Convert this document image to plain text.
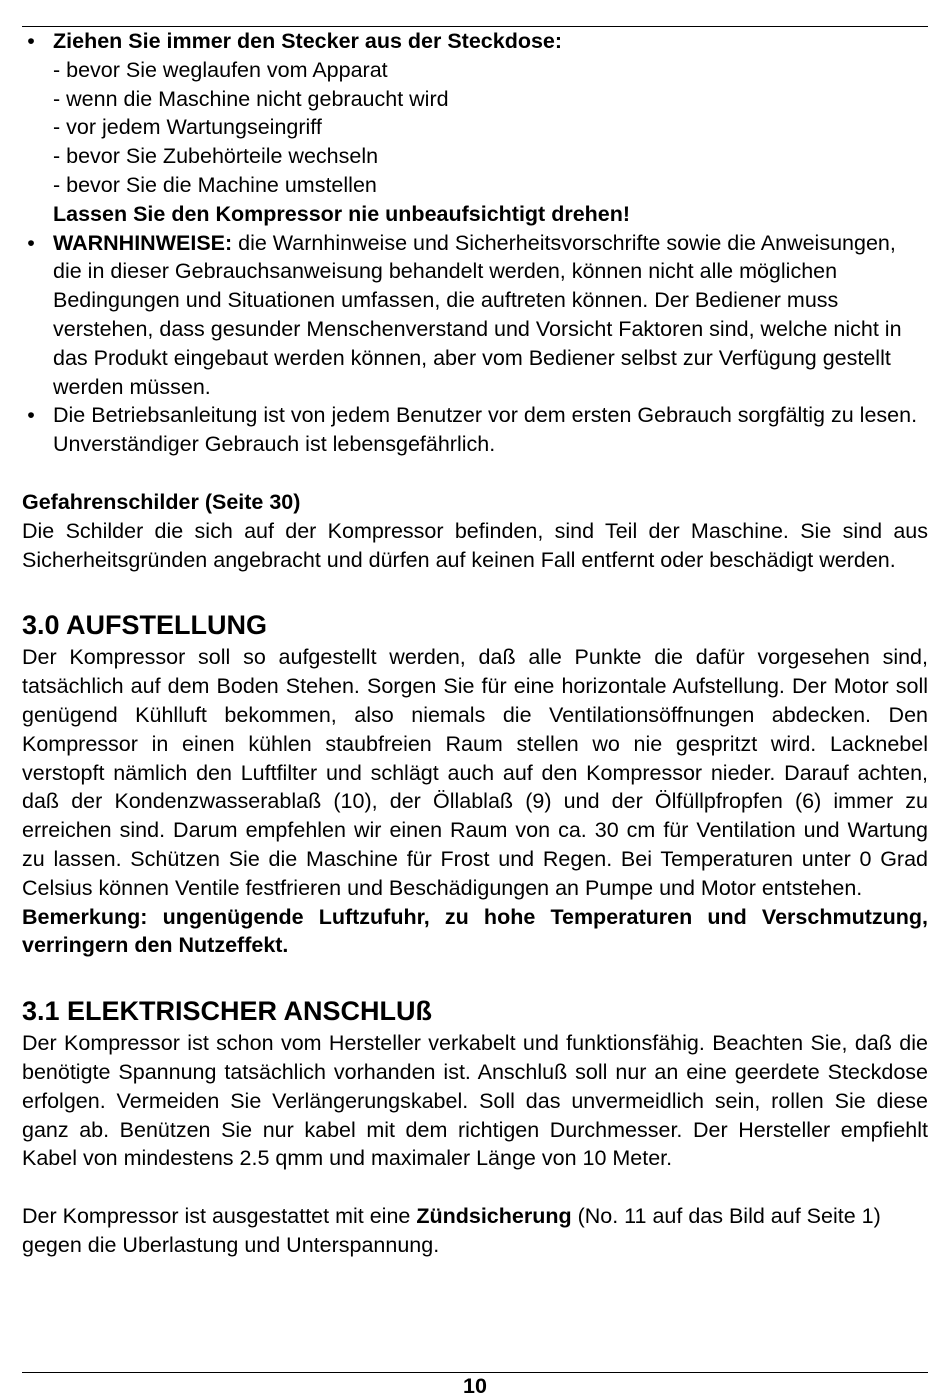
• Ziehen Sie immer den Stecker aus der Steckdose:
- bevor Sie weglaufen vom Apparat
- wenn die Maschine nicht gebraucht wird
- vor jedem Wartungseingriff
- bevor Sie Zubehörteile wechseln
- bevor Sie die Machine umstellen
Lassen Sie den Kompressor nie unbeaufsichtigt drehen!
• WARNHINWEISE: die Warnhinweise und Sicherheitsvorschrifte sowie die Anweisungen, die in dieser Gebrauchsanweisung behandelt werden, können nicht alle möglichen Bedingungen und Situationen umfassen, die auftreten können. Der Bediener muss verstehen, dass gesunder Menschenverstand und Vorsicht Faktoren sind, welche nicht in das Produkt eingebaut werden können, aber vom Bediener selbst zur Verfügung gestellt werden müssen.

• Die Betriebsanleitung ist von jedem Benutzer vor dem ersten Gebrauch sorgfältig zu lesen. Unverständiger Gebrauch ist lebensgefährlich.

Gefahrenschilder (Seite 30)

Die Schilder die sich auf der Kompressor befinden, sind Teil der Maschine. Sie sind aus Sicherheitsgründen angebracht und dürfen auf keinen Fall entfernt oder beschädigt werden.

3.0 AUFSTELLUNG

Der Kompressor soll so aufgestellt werden, daß alle Punkte die dafür vorgesehen sind, tatsächlich auf dem Boden Stehen. Sorgen Sie für eine horizontale Aufstellung. Der Motor soll genügend Kühlluft bekommen, also niemals die Ventilationsöffnungen abdecken. Den Kompressor in einen kühlen staubfreien Raum stellen wo nie gespritzt wird. Lacknebel verstopft nämlich den Luftfilter und schlägt auch auf den Kompressor nieder. Darauf achten, daß der Kondenzwasserablaß (10), der Öllablaß (9) und der Ölfüllpfropfen (6) immer zu erreichen sind. Darum empfehlen wir einen Raum von ca. 30 cm für Ventilation und Wartung zu lassen. Schützen Sie die Maschine für Frost und Regen. Bei Temperaturen unter 0 Grad Celsius können Ventile festfrieren und Beschädigungen an Pumpe und Motor entstehen.

Bemerkung: ungenügende Luftzufuhr, zu hohe Temperaturen und Verschmutzung, verringern den Nutzeffekt.

3.1 ELEKTRISCHER ANSCHLUß

Der Kompressor ist schon vom Hersteller verkabelt und funktionsfähig. Beachten Sie, daß die benötigte Spannung tatsächlich vorhanden ist. Anschluß soll nur an eine geerdete Steckdose erfolgen. Vermeiden Sie Verlängerungskabel. Soll das unvermeidlich sein, rollen Sie diese ganz ab. Benützen Sie nur kabel mit dem richtigen Durchmesser. Der Hersteller empfiehlt Kabel von mindestens 2.5 qmm und maximaler Länge von 10 Meter.

Der Kompressor ist ausgestattet mit eine Zündsicherung (No. 11 auf das Bild auf Seite 1) gegen die Uberlastung und Unterspannung.

10
